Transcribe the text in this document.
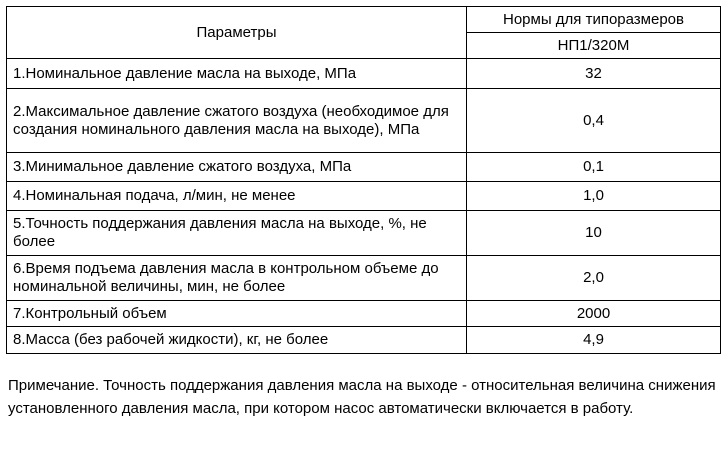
Параметры	Нормы для типоразмеров
	НП1/320М
1.Номинальное давление масла на выходе, МПа	32
2.Максимальное давление сжатого воздуха (необходимое для создания номинального давления масла на выходе), МПа	0,4
3.Минимальное давление сжатого воздуха, МПа	0,1
4.Номинальная подача, л/мин, не менее	1,0
5.Точность поддержания давления масла на выходе, %, не более	10
6.Время подъема давления масла в контрольном объеме до номинальной величины, мин, не более	2,0
7.Контрольный объем	2000
8.Масса (без рабочей жидкости), кг, не более	4,9
Примечание. Точность поддержания давления масла на выходе - относительная величина снижения установленного давления масла, при котором насос автоматически включается в работу.
